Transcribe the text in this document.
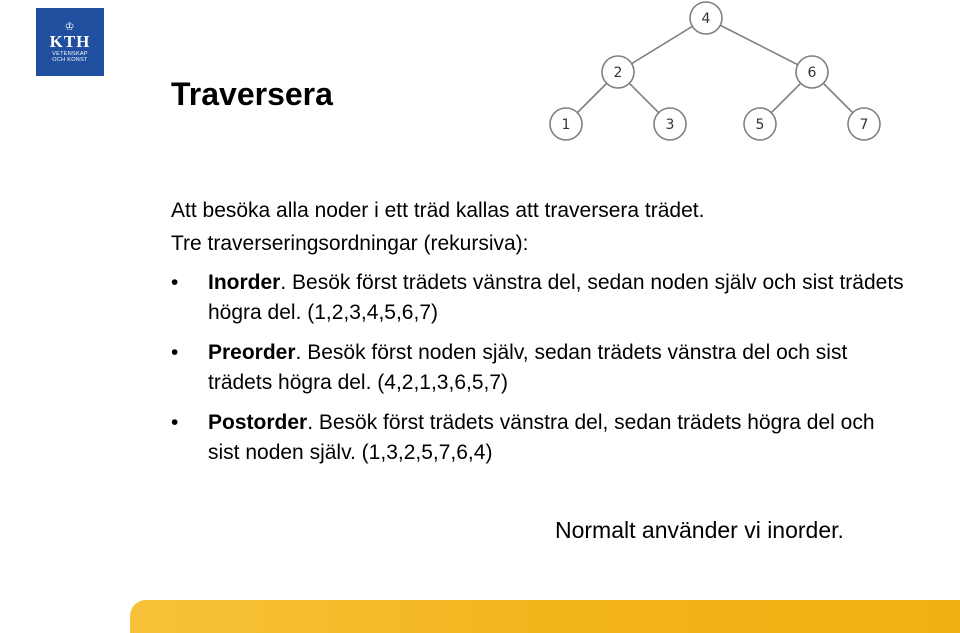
♔
KTH
VETENSKAP
OCH KONST
Traversera
4
2	6
1	3	5	7
Att besöka alla noder i ett träd kallas att traversera trädet.
Tre traverseringsordningar (rekursiva):
• Inorder. Besök först trädets vänstra del, sedan noden själv och sist trädets högra del. (1,2,3,4,5,6,7)
• Preorder. Besök först noden själv, sedan trädets vänstra del och sist trädets högra del. (4,2,1,3,6,5,7)
• Postorder. Besök först trädets vänstra del, sedan trädets högra del och sist noden själv. (1,3,2,5,7,6,4)
Normalt använder vi inorder.
